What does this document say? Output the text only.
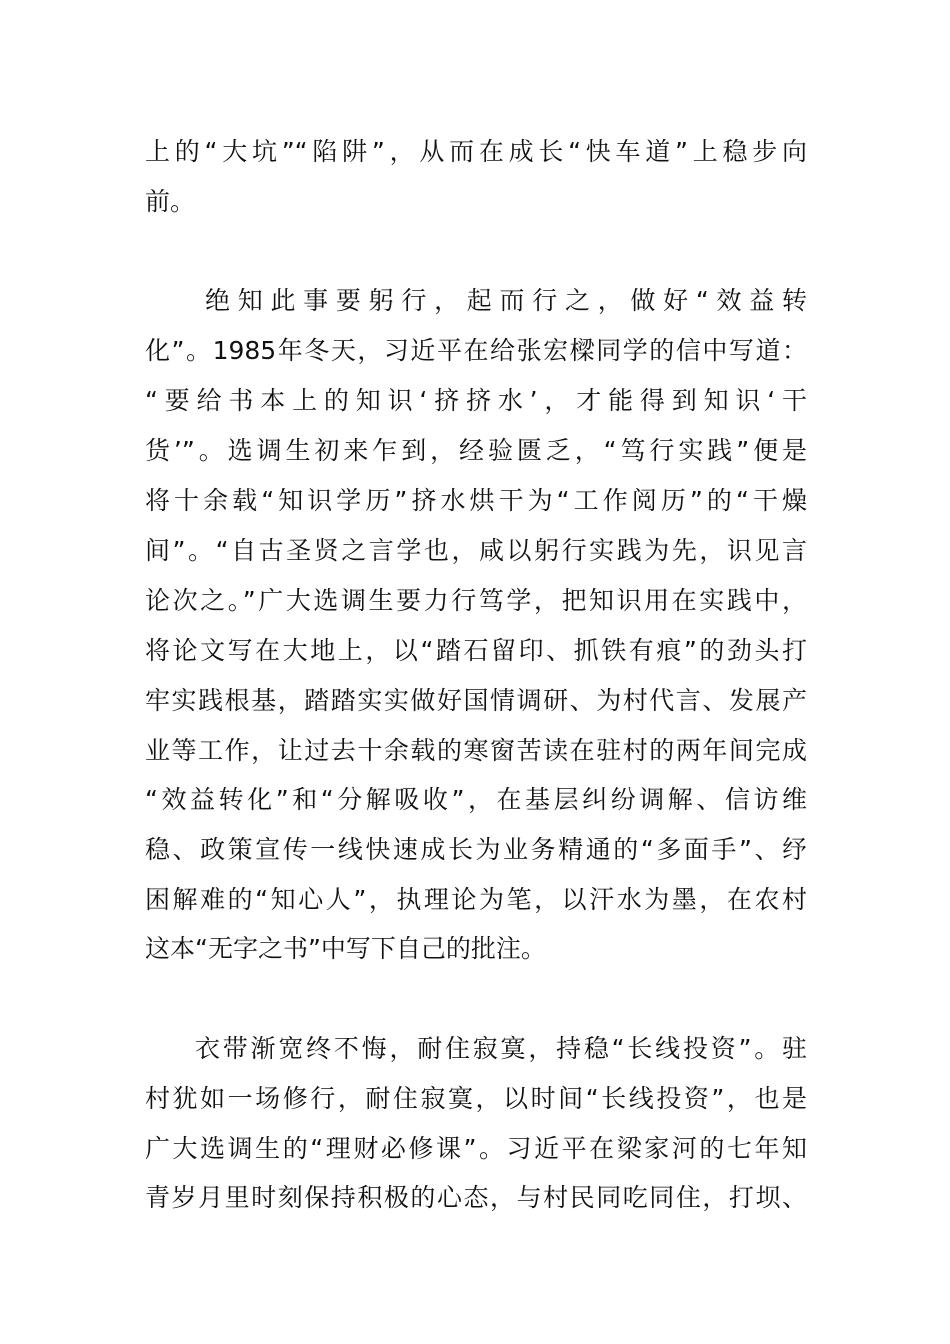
上的“大坑”“陷阱”，从而在成长“快车道”上稳步向
前。
绝知此事要躬行，起而行之，做好“效益转
化”。1985年冬天，习近平在给张宏樑同学的信中写道：
“要给书本上的知识‘挤挤水’，才能得到知识‘干
货’”。选调生初来乍到，经验匮乏，“笃行实践”便是
将十余载“知识学历”挤水烘干为“工作阅历”的“干燥
间”。“自古圣贤之言学也，咸以躬行实践为先，识见言
论次之。”广大选调生要力行笃学，把知识用在实践中，
将论文写在大地上，以“踏石留印、抓铁有痕”的劲头打
牢实践根基，踏踏实实做好国情调研、为村代言、发展产
业等工作，让过去十余载的寒窗苦读在驻村的两年间完成
“效益转化”和“分解吸收”，在基层纠纷调解、信访维
稳、政策宣传一线快速成长为业务精通的“多面手”、纾
困解难的“知心人”，执理论为笔，以汗水为墨，在农村
这本“无字之书”中写下自己的批注。
衣带渐宽终不悔，耐住寂寞，持稳“长线投资”。驻
村犹如一场修行，耐住寂寞，以时间“长线投资”，也是
广大选调生的“理财必修课”。习近平在梁家河的七年知
青岁月里时刻保持积极的心态，与村民同吃同住，打坝、
